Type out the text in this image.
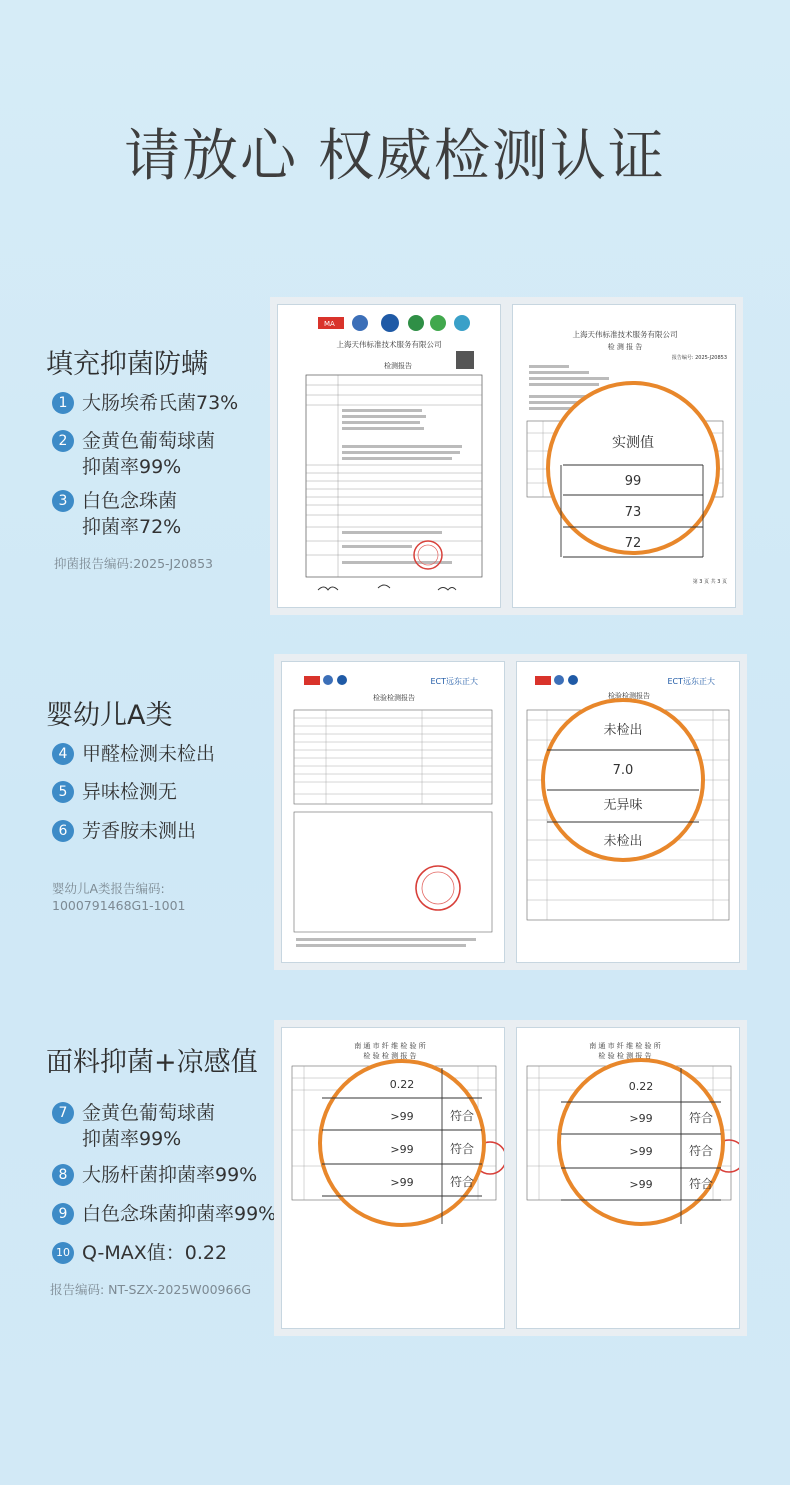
请放心 权威检测认证
填充抑菌防螨
1 大肠埃希氏菌73%
2 金黄色葡萄球菌
抑菌率99%
3 白色念珠菌
抑菌率72%
抑菌报告编码:2025-J20853
MA
上海天伟标准技术服务有限公司
检测报告
上海天伟标准技术服务有限公司
检 测 报 告
报告编号: 2025-J20853
第 3 页 共 3 页
实测值
99
73
72
婴幼儿A类
4 甲醛检测未检出
5 异味检测无
6 芳香胺未测出
婴幼儿A类报告编码:
1000791468G1-1001
ECT远东正大
检验检测报告
ECT远东正大
检验检测报告
未检出
7.0
无异味
未检出
面料抑菌+凉感值
7 金黄色葡萄球菌
抑菌率99%
8 大肠杆菌抑菌率99%
9 白色念珠菌抑菌率99%
10 Q-MAX值：0.22
报告编码: NT-SZX-2025W00966G
南 通 市 纤 维 检 验 所
检 验 检 测 报 告
0.22
>99
>99
>99
符合
符合
符合
南 通 市 纤 维 检 验 所
检 验 检 测 报 告
0.22
>99
>99
>99
符合
符合
符合
